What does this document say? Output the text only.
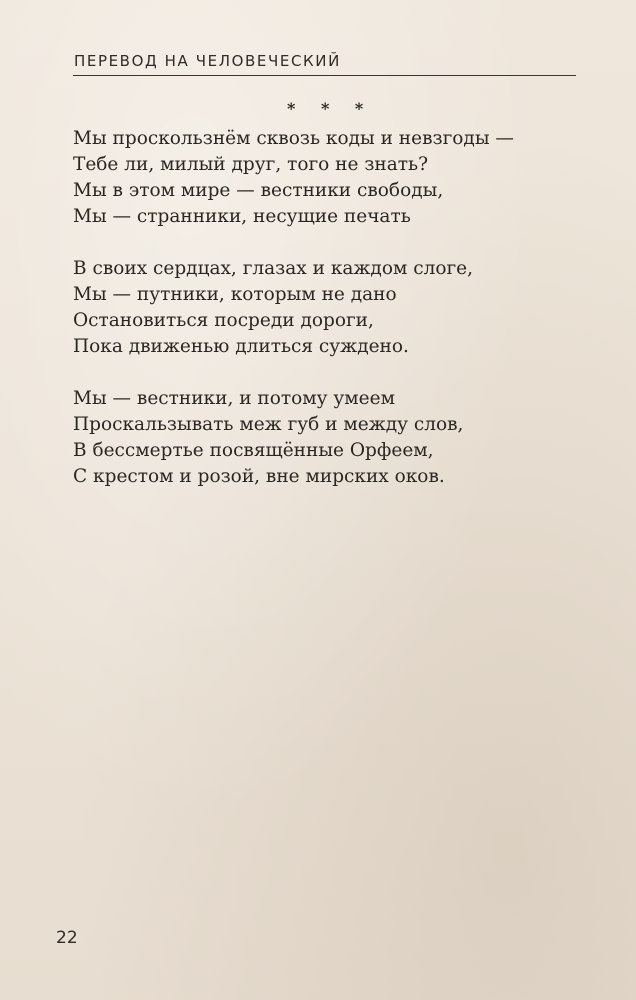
ПЕРЕВОД НА ЧЕЛОВЕЧЕСКИЙ
* * *
Мы проскользнём сквозь коды и невзгоды —
Тебе ли, милый друг, того не знать?
Мы в этом мире — вестники свободы,
Мы — странники, несущие печать
В своих сердцах, глазах и каждом слоге,
Мы — путники, которым не дано
Остановиться посреди дороги,
Пока движенью длиться суждено.
Мы — вестники, и потому умеем
Проскальзывать меж губ и между слов,
В бессмертье посвящённые Орфеем,
С крестом и розой, вне мирских оков.
22
